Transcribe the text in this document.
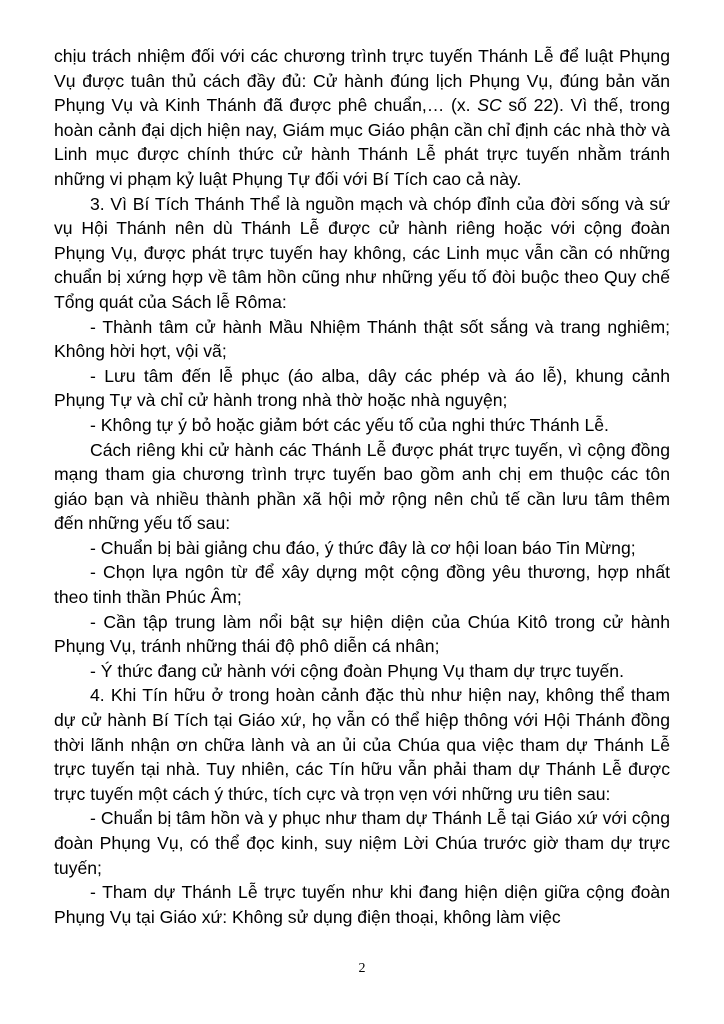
chịu trách nhiệm đối với các chương trình trực tuyến Thánh Lễ để luật Phụng Vụ được tuân thủ cách đầy đủ: Cử hành đúng lịch Phụng Vụ, đúng bản văn Phụng Vụ và Kinh Thánh đã được phê chuẩn,… (x. SC số 22). Vì thế, trong hoàn cảnh đại dịch hiện nay, Giám mục Giáo phận cần chỉ định các nhà thờ và Linh mục được chính thức cử hành Thánh Lễ phát trực tuyến nhằm tránh những vi phạm kỷ luật Phụng Tự đối với Bí Tích cao cả này.

3. Vì Bí Tích Thánh Thể là nguồn mạch và chóp đỉnh của đời sống và sứ vụ Hội Thánh nên dù Thánh Lễ được cử hành riêng hoặc với cộng đoàn Phụng Vụ, được phát trực tuyến hay không, các Linh mục vẫn cần có những chuẩn bị xứng hợp về tâm hồn cũng như những yếu tố đòi buộc theo Quy chế Tổng quát của Sách lễ Rôma:

- Thành tâm cử hành Mầu Nhiệm Thánh thật sốt sắng và trang nghiêm; Không hời hợt, vội vã;

- Lưu tâm đến lễ phục (áo alba, dây các phép và áo lễ), khung cảnh Phụng Tự và chỉ cử hành trong nhà thờ hoặc nhà nguyện;

- Không tự ý bỏ hoặc giảm bớt các yếu tố của nghi thức Thánh Lễ.

Cách riêng khi cử hành các Thánh Lễ được phát trực tuyến, vì cộng đồng mạng tham gia chương trình trực tuyến bao gồm anh chị em thuộc các tôn giáo bạn và nhiều thành phần xã hội mở rộng nên chủ tế cần lưu tâm thêm đến những yếu tố sau:

- Chuẩn bị bài giảng chu đáo, ý thức đây là cơ hội loan báo Tin Mừng;

- Chọn lựa ngôn từ để xây dựng một cộng đồng yêu thương, hợp nhất theo tinh thần Phúc Âm;

- Cần tập trung làm nổi bật sự hiện diện của Chúa Kitô trong cử hành Phụng Vụ, tránh những thái độ phô diễn cá nhân;

- Ý thức đang cử hành với cộng đoàn Phụng Vụ tham dự trực tuyến.

4. Khi Tín hữu ở trong hoàn cảnh đặc thù như hiện nay, không thể tham dự cử hành Bí Tích tại Giáo xứ, họ vẫn có thể hiệp thông với Hội Thánh đồng thời lãnh nhận ơn chữa lành và an ủi của Chúa qua việc tham dự Thánh Lễ trực tuyến tại nhà. Tuy nhiên, các Tín hữu vẫn phải tham dự Thánh Lễ được trực tuyến một cách ý thức, tích cực và trọn vẹn với những ưu tiên sau:

- Chuẩn bị tâm hồn và y phục như tham dự Thánh Lễ tại Giáo xứ với cộng đoàn Phụng Vụ, có thể đọc kinh, suy niệm Lời Chúa trước giờ tham dự trực tuyến;

- Tham dự Thánh Lễ trực tuyến như khi đang hiện diện giữa cộng đoàn Phụng Vụ tại Giáo xứ: Không sử dụng điện thoại, không làm việc

2
